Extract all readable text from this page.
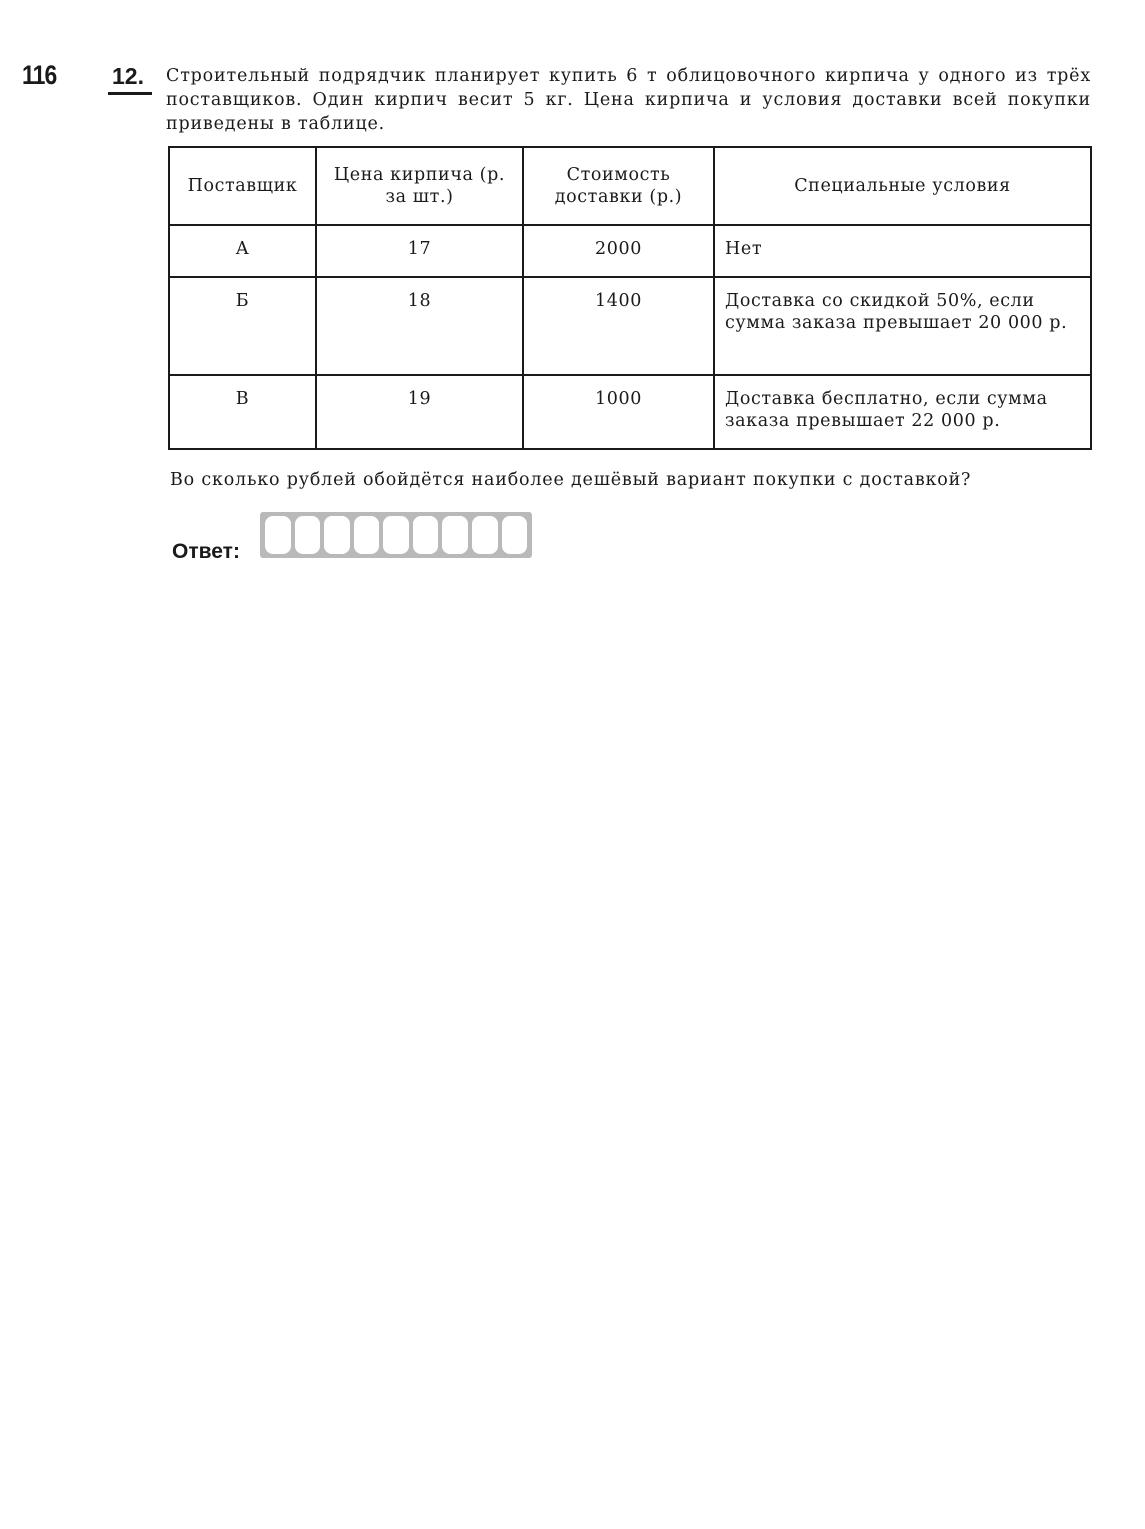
116 12. Строительный подрядчик планирует купить 6 т облицовочного кирпича у одного из трёх поставщиков. Один кирпич весит 5 кг. Цена кирпича и условия доставки всей покупки приведены в таблице.
Поставщик	Цена кирпича (р. за шт.)	Стоимость доставки (р.)	Специальные условия
А	17	2000	Нет
Б	18	1400	Доставка со скидкой 50%, если сумма заказа превышает 20 000 р.
В	19	1000	Доставка бесплатно, если сумма заказа превышает 22 000 р.
Во сколько рублей обойдётся наиболее дешёвый вариант покупки с доставкой?
Ответ:
